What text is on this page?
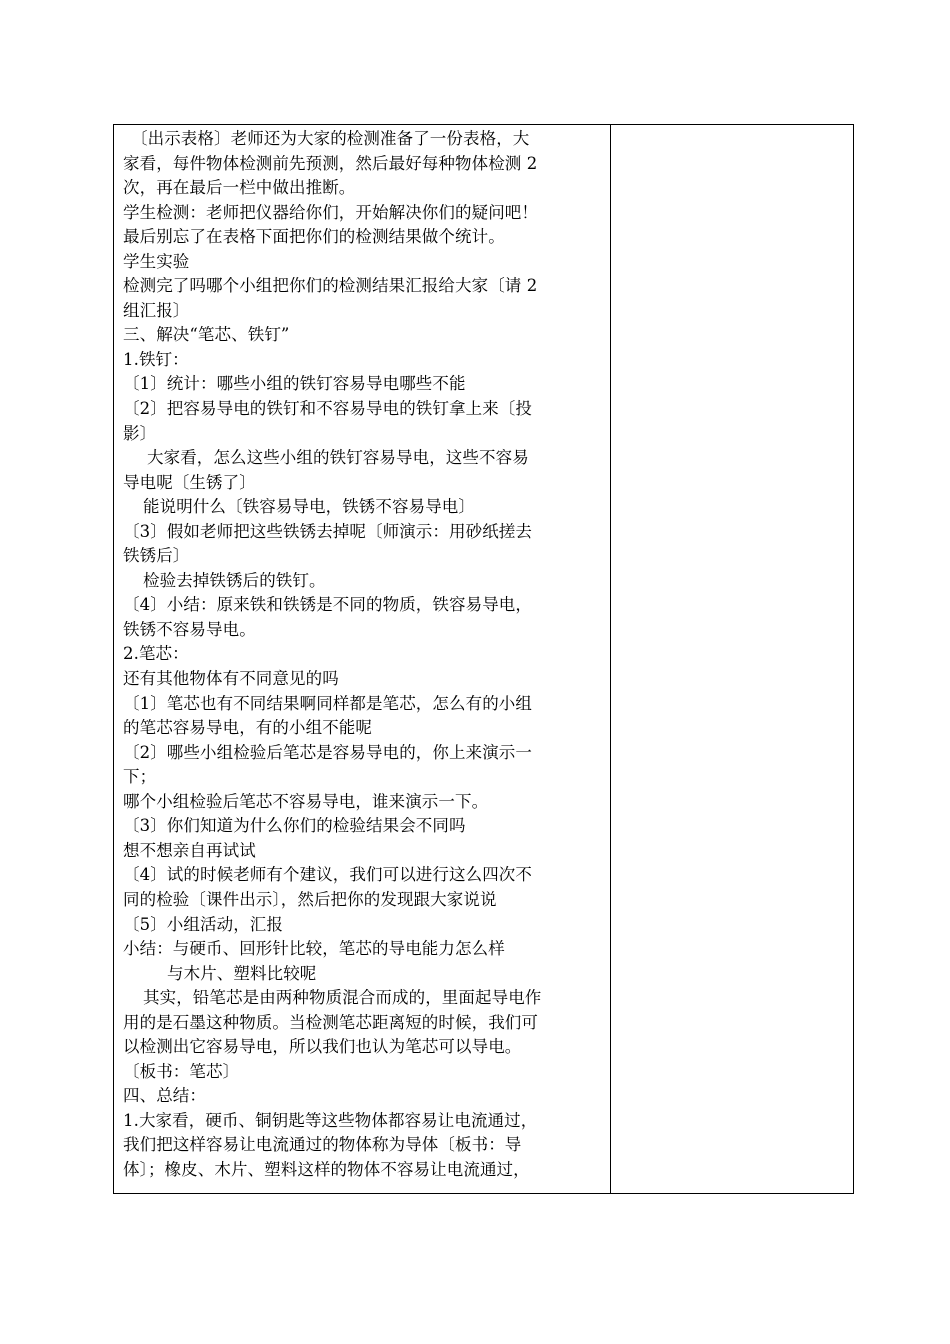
〔出示表格〕老师还为大家的检测准备了一份表格，大
家看，每件物体检测前先预测，然后最好每种物体检测 2
次，再在最后一栏中做出推断。
学生检测：老师把仪器给你们，开始解决你们的疑问吧！
最后别忘了在表格下面把你们的检测结果做个统计。
学生实验
检测完了吗哪个小组把你们的检测结果汇报给大家〔请 2
组汇报〕
三、解决“笔芯、铁钉”
1.铁钉：
〔1〕统计：哪些小组的铁钉容易导电哪些不能
〔2〕把容易导电的铁钉和不容易导电的铁钉拿上来〔投
影〕
大家看，怎么这些小组的铁钉容易导电，这些不容易
导电呢〔生锈了〕
能说明什么〔铁容易导电，铁锈不容易导电〕
〔3〕假如老师把这些铁锈去掉呢〔师演示：用砂纸搓去
铁锈后〕
检验去掉铁锈后的铁钉。
〔4〕小结：原来铁和铁锈是不同的物质，铁容易导电，
铁锈不容易导电。
2.笔芯：
还有其他物体有不同意见的吗
〔1〕笔芯也有不同结果啊同样都是笔芯，怎么有的小组
的笔芯容易导电，有的小组不能呢
〔2〕哪些小组检验后笔芯是容易导电的，你上来演示一
下；
哪个小组检验后笔芯不容易导电，谁来演示一下。
〔3〕你们知道为什么你们的检验结果会不同吗
想不想亲自再试试
〔4〕试的时候老师有个建议，我们可以进行这么四次不
同的检验〔课件出示〕，然后把你的发现跟大家说说
〔5〕小组活动，汇报
小结：与硬币、回形针比较，笔芯的导电能力怎么样
与木片、塑料比较呢
其实，铅笔芯是由两种物质混合而成的，里面起导电作
用的是石墨这种物质。当检测笔芯距离短的时候，我们可
以检测出它容易导电，所以我们也认为笔芯可以导电。
〔板书：笔芯〕
四、总结：
1.大家看，硬币、铜钥匙等这些物体都容易让电流通过，
我们把这样容易让电流通过的物体称为导体〔板书：导
体〕；橡皮、木片、塑料这样的物体不容易让电流通过，
